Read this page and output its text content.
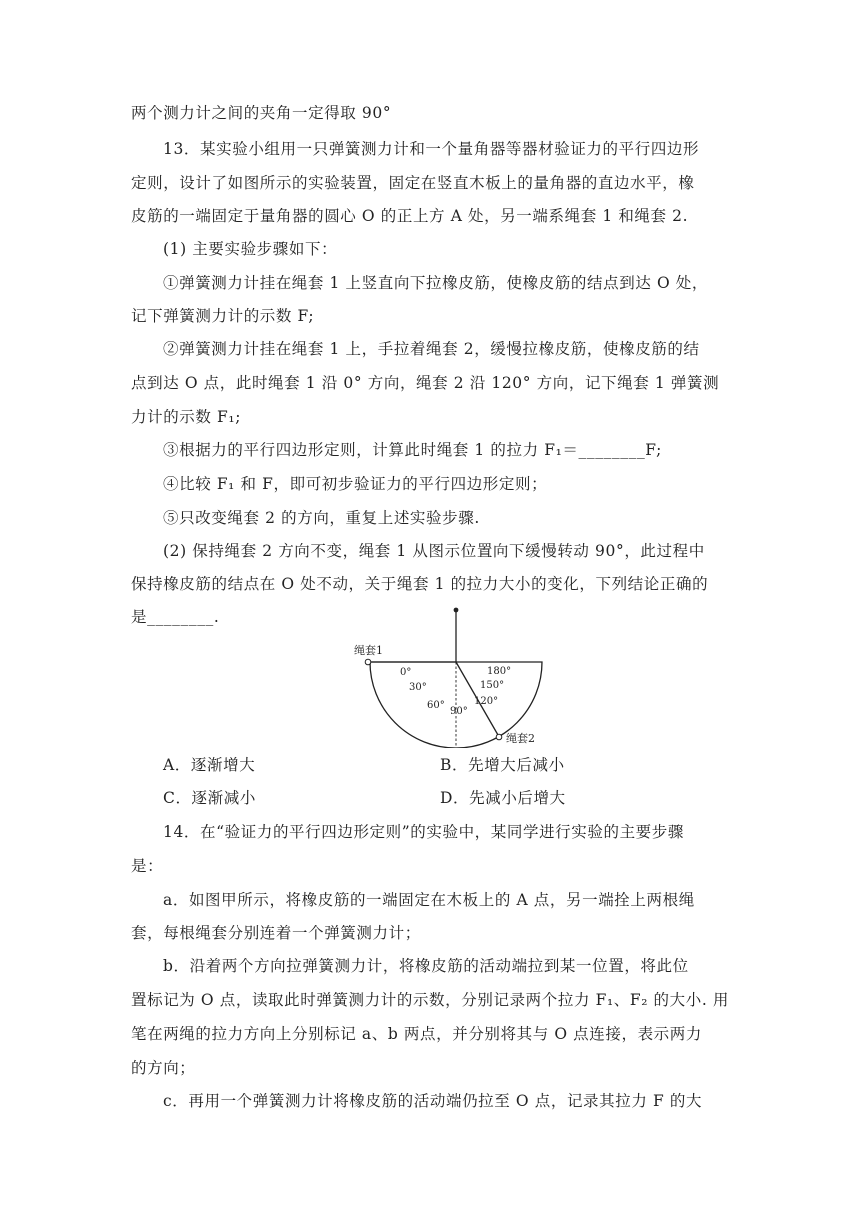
两个测力计之间的夹角一定得取 90°
13．某实验小组用一只弹簧测力计和一个量角器等器材验证力的平行四边形
定则，设计了如图所示的实验装置，固定在竖直木板上的量角器的直边水平，橡
皮筋的一端固定于量角器的圆心 O 的正上方 A 处，另一端系绳套 1 和绳套 2.
(1) 主要实验步骤如下：
①弹簧测力计挂在绳套 1 上竖直向下拉橡皮筋，使橡皮筋的结点到达 O 处，
记下弹簧测力计的示数 F;
②弹簧测力计挂在绳套 1 上，手拉着绳套 2，缓慢拉橡皮筋，使橡皮筋的结
点到达 O 点，此时绳套 1 沿 0° 方向，绳套 2 沿 120° 方向，记下绳套 1 弹簧测
力计的示数 F₁;
③根据力的平行四边形定则，计算此时绳套 1 的拉力 F₁＝________F;
④比较 F₁ 和 F，即可初步验证力的平行四边形定则；
⑤只改变绳套 2 的方向，重复上述实验步骤.
(2) 保持绳套 2 方向不变，绳套 1 从图示位置向下缓慢转动 90°，此过程中
保持橡皮筋的结点在 O 处不动，关于绳套 1 的拉力大小的变化，下列结论正确的
是________.
绳套1
绳套2
0°
30°
60°
90°
120°
150°
180°
A．逐渐增大	B．先增大后减小
C．逐渐减小	D．先减小后增大
14．在“验证力的平行四边形定则”的实验中，某同学进行实验的主要步骤
是：
a．如图甲所示，将橡皮筋的一端固定在木板上的 A 点，另一端拴上两根绳
套，每根绳套分别连着一个弹簧测力计；
b．沿着两个方向拉弹簧测力计，将橡皮筋的活动端拉到某一位置，将此位
置标记为 O 点，读取此时弹簧测力计的示数，分别记录两个拉力 F₁、F₂ 的大小. 用
笔在两绳的拉力方向上分别标记 a、b 两点，并分别将其与 O 点连接，表示两力
的方向；
c．再用一个弹簧测力计将橡皮筋的活动端仍拉至 O 点，记录其拉力 F 的大
